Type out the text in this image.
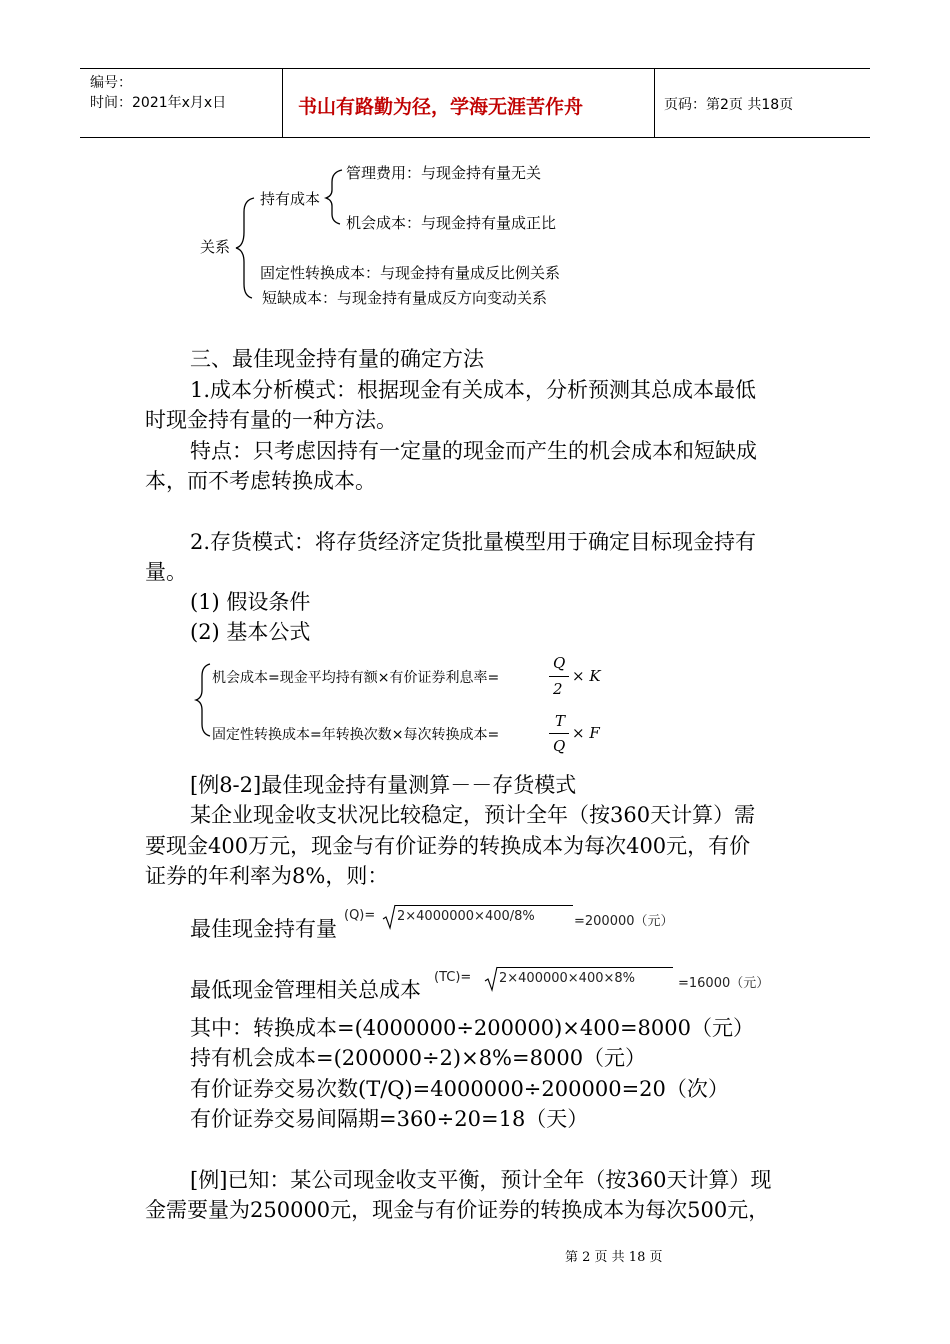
编号：
时间：2021年x月x日	书山有路勤为径，学海无涯苦作舟	页码：第2页 共18页
关系
持有成本
管理费用：与现金持有量无关
机会成本：与现金持有量成正比
固定性转换成本：与现金持有量成反比例关系
短缺成本：与现金持有量成反方向变动关系
三、最佳现金持有量的确定方法
1.成本分析模式：根据现金有关成本，分析预测其总成本最低
时现金持有量的一种方法。
特点：只考虑因持有一定量的现金而产生的机会成本和短缺成
本，而不考虑转换成本。
2.存货模式：将存货经济定货批量模型用于确定目标现金持有
量。
(1) 假设条件
(2) 基本公式
机会成本=现金平均持有额×有价证券利息率=
Q
2
× K
固定性转换成本=年转换次数×每次转换成本=
T
Q
× F
[例8-2]最佳现金持有量测算－－存货模式
某企业现金收支状况比较稳定，预计全年（按360天计算）需
要现金400万元，现金与有价证券的转换成本为每次400元，有价
证券的年利率为8%，则：
最佳现金持有量
(Q)= 2×4000000×400/8%	=200000（元）
最低现金管理相关总成本
(TC)= 2×400000×400×8%	=16000（元）
其中：转换成本=(4000000÷200000)×400=8000（元）
持有机会成本=(200000÷2)×8%=8000（元）
有价证券交易次数(T/Q)=4000000÷200000=20（次）
有价证券交易间隔期=360÷20=18（天）
[例]已知：某公司现金收支平衡，预计全年（按360天计算）现
金需要量为250000元，现金与有价证券的转换成本为每次500元，
第 2 页 共 18 页
